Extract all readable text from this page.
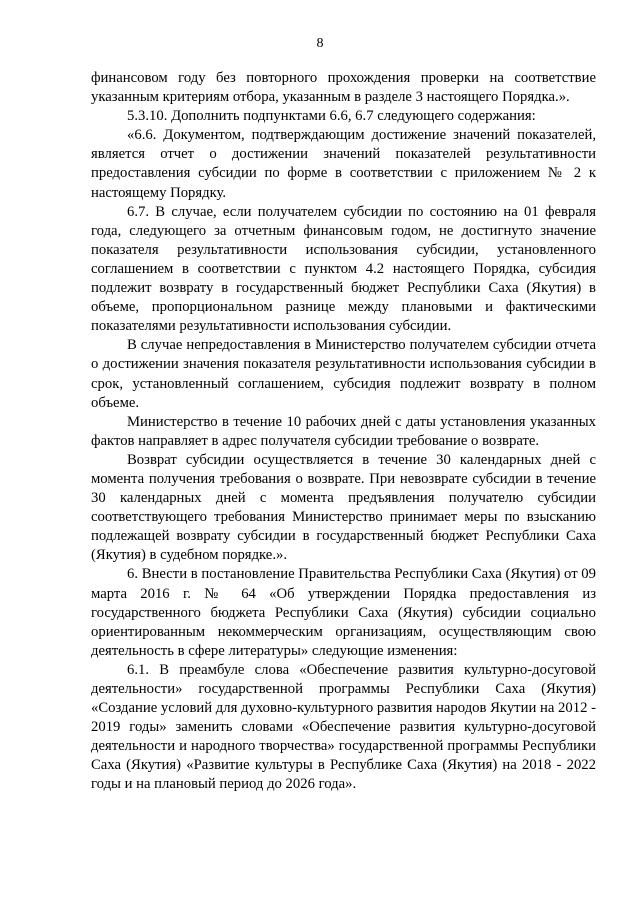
8

финансовом году без повторного прохождения проверки на соответствие указанным критериям отбора, указанным в разделе 3 настоящего Порядка.».

5.3.10. Дополнить подпунктами 6.6, 6.7 следующего содержания:

«6.6. Документом, подтверждающим достижение значений показателей, является отчет о достижении значений показателей результативности предоставления субсидии по форме в соответствии с приложением № 2 к настоящему Порядку.

6.7. В случае, если получателем субсидии по состоянию на 01 февраля года, следующего за отчетным финансовым годом, не достигнуто значение показателя результативности использования субсидии, установленного соглашением в соответствии с пунктом 4.2 настоящего Порядка, субсидия подлежит возврату в государственный бюджет Республики Саха (Якутия) в объеме, пропорциональном разнице между плановыми и фактическими показателями результативности использования субсидии.

В случае непредоставления в Министерство получателем субсидии отчета о достижении значения показателя результативности использования субсидии в срок, установленный соглашением, субсидия подлежит возврату в полном объеме.

Министерство в течение 10 рабочих дней с даты установления указанных фактов направляет в адрес получателя субсидии требование о возврате.

Возврат субсидии осуществляется в течение 30 календарных дней с момента получения требования о возврате. При невозврате субсидии в течение 30 календарных дней с момента предъявления получателю субсидии соответствующего требования Министерство принимает меры по взысканию подлежащей возврату субсидии в государственный бюджет Республики Саха (Якутия) в судебном порядке.».

6. Внести в постановление Правительства Республики Саха (Якутия) от 09 марта 2016 г. № 64 «Об утверждении Порядка предоставления из государственного бюджета Республики Саха (Якутия) субсидии социально ориентированным некоммерческим организациям, осуществляющим свою деятельность в сфере литературы» следующие изменения:

6.1. В преамбуле слова «Обеспечение развития культурно-досуговой деятельности» государственной программы Республики Саха (Якутия) «Создание условий для духовно-культурного развития народов Якутии на 2012 - 2019 годы» заменить словами «Обеспечение развития культурно-досуговой деятельности и народного творчества» государственной программы Республики Саха (Якутия) «Развитие культуры в Республике Саха (Якутия) на 2018 - 2022 годы и на плановый период до 2026 года».
